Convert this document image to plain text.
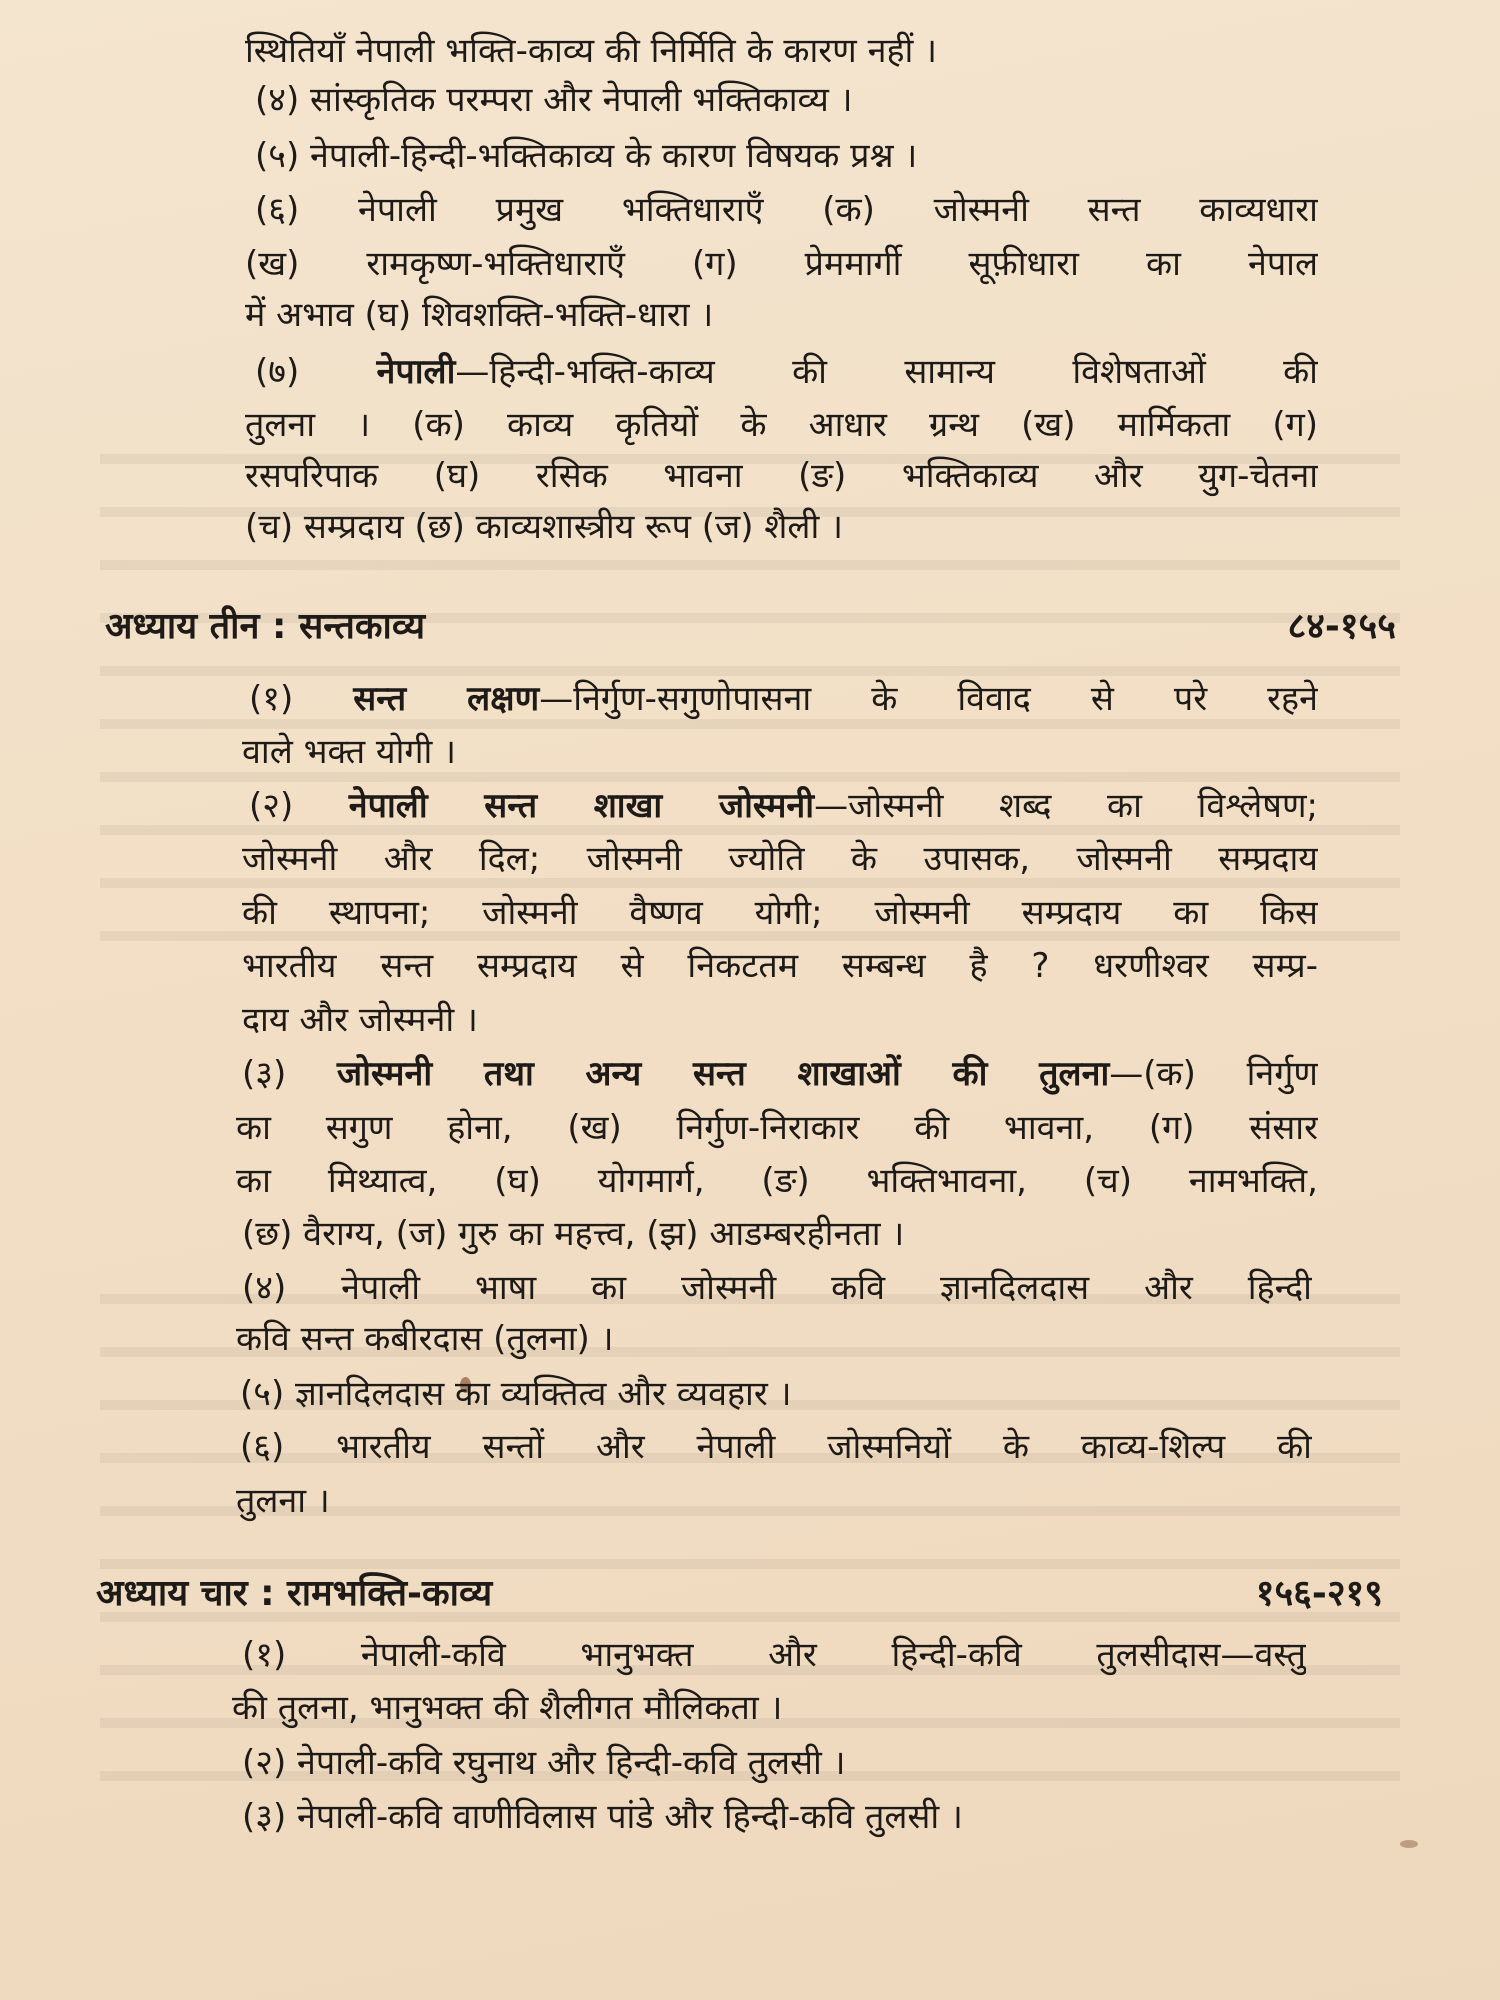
अध्याय तीन : सन्तकाव्य	८४-१५५
अध्याय चार : रामभक्ति-काव्य	१५६-२१९
स्थितियाँ नेपाली भक्ति-काव्य की निर्मिति के कारण नहीं ।
(४) सांस्कृतिक परम्परा और नेपाली भक्तिकाव्य ।
(५) नेपाली-हिन्दी-भक्तिकाव्य के कारण विषयक प्रश्न ।
(६) नेपाली प्रमुख भक्तिधाराएँ (क) जोस्मनी सन्त काव्यधारा
(ख) रामकृष्ण-भक्तिधाराएँ (ग) प्रेममार्गी सूफ़ीधारा का नेपाल
में अभाव (घ) शिवशक्ति-भक्ति-धारा ।
(७) नेपाली—हिन्दी-भक्ति-काव्य की सामान्य विशेषताओं की
तुलना । (क) काव्य कृतियों के आधार ग्रन्थ (ख) मार्मिकता (ग)
रसपरिपाक (घ) रसिक भावना (ङ) भक्तिकाव्य और युग-चेतना
(च) सम्प्रदाय (छ) काव्यशास्त्रीय रूप (ज) शैली ।
(१) सन्त लक्षण—निर्गुण-सगुणोपासना के विवाद से परे रहने
वाले भक्त योगी ।
(२) नेपाली सन्त शाखा जोस्मनी—जोस्मनी शब्द का विश्लेषण;
जोस्मनी और दिल; जोस्मनी ज्योति के उपासक, जोस्मनी सम्प्रदाय
की स्थापना; जोस्मनी वैष्णव योगी; जोस्मनी सम्प्रदाय का किस
भारतीय सन्त सम्प्रदाय से निकटतम सम्बन्ध है ? धरणीश्वर सम्प्र-
दाय और जोस्मनी ।
(३) जोस्मनी तथा अन्य सन्त शाखाओं की तुलना—(क) निर्गुण
का सगुण होना, (ख) निर्गुण-निराकार की भावना, (ग) संसार
का मिथ्यात्व, (घ) योगमार्ग, (ङ) भक्तिभावना, (च) नामभक्ति,
(छ) वैराग्य, (ज) गुरु का महत्त्व, (झ) आडम्बरहीनता ।
(४) नेपाली भाषा का जोस्मनी कवि ज्ञानदिलदास और हिन्दी
कवि सन्त कबीरदास (तुलना) ।
(५) ज्ञानदिलदास का व्यक्तित्व और व्यवहार ।
(६) भारतीय सन्तों और नेपाली जोस्मनियों के काव्य-शिल्प की
तुलना ।
(१) नेपाली-कवि भानुभक्त और हिन्दी-कवि तुलसीदास—वस्तु
की तुलना, भानुभक्त की शैलीगत मौलिकता ।
(२) नेपाली-कवि रघुनाथ और हिन्दी-कवि तुलसी ।
(३) नेपाली-कवि वाणीविलास पांडे और हिन्दी-कवि तुलसी ।
